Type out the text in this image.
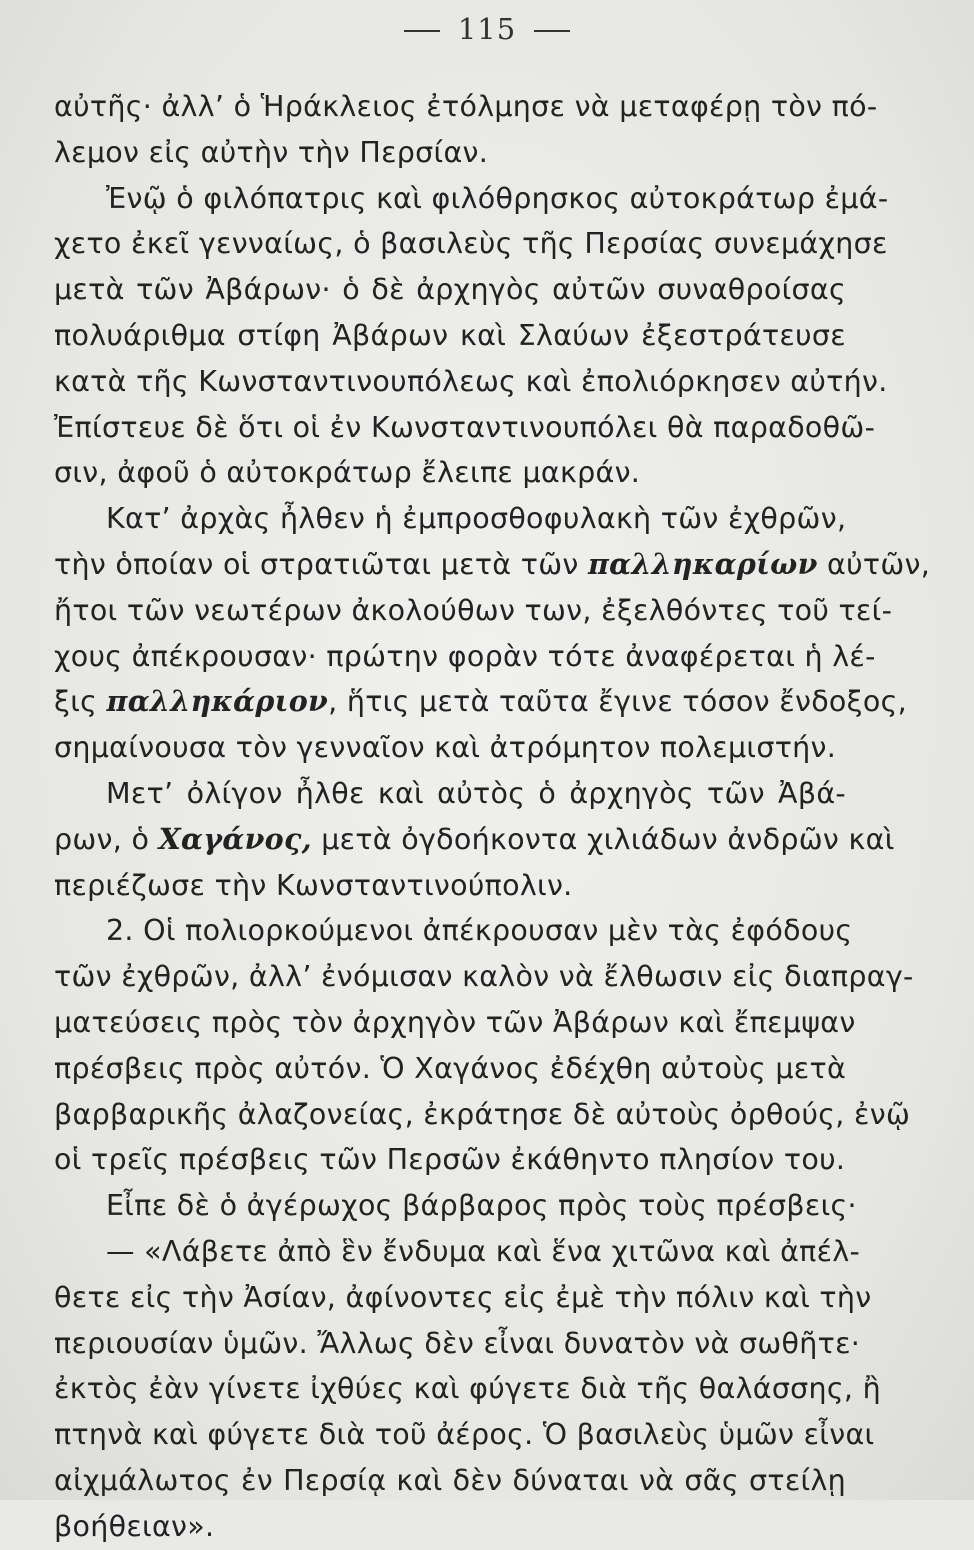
115
αὐτῆς· ἀλλ’ ὁ Ἡράκλειος ἐτόλμησε νὰ μεταφέρῃ τὸν πό-
λεμον εἰς αὐτὴν τὴν Περσίαν.
Ἐνῷ ὁ φιλόπατρις καὶ φιλόθρησκος αὐτοκράτωρ ἐμά-
χετο ἐκεῖ γενναίως, ὁ βασιλεὺς τῆς Περσίας συνεμάχησε
μετὰ τῶν Ἀβάρων· ὁ δὲ ἀρχηγὸς αὐτῶν συναθροίσας
πολυάριθμα στίφη Ἀβάρων καὶ Σλαύων ἐξεστράτευσε
κατὰ τῆς Κωνσταντινουπόλεως καὶ ἐπολιόρκησεν αὐτήν.
Ἐπίστευε δὲ ὅτι οἱ ἐν Κωνσταντινουπόλει θὰ παραδοθῶ-
σιν, ἀφοῦ ὁ αὐτοκράτωρ ἔλειπε μακράν.
Κατ’ ἀρχὰς ἦλθεν ἡ ἐμπροσθοφυλακὴ τῶν ἐχθρῶν,
τὴν ὁποίαν οἱ στρατιῶται μετὰ τῶν παλληκαρίων αὐτῶν,
ἤτοι τῶν νεωτέρων ἀκολούθων των, ἐξελθόντες τοῦ τεί-
χους ἀπέκρουσαν· πρώτην φορὰν τότε ἀναφέρεται ἡ λέ-
ξις παλληκάριον, ἥτις μετὰ ταῦτα ἔγινε τόσον ἔνδοξος,
σημαίνουσα τὸν γενναῖον καὶ ἀτρόμητον πολεμιστήν.
Μετ’ ὀλίγον ἦλθε καὶ αὐτὸς ὁ ἀρχηγὸς τῶν Ἀβά-
ρων, ὁ Χαγάνος, μετὰ ὀγδοήκοντα χιλιάδων ἀνδρῶν καὶ
περιέζωσε τὴν Κωνσταντινούπολιν.
2. Οἱ πολιορκούμενοι ἀπέκρουσαν μὲν τὰς ἐφόδους
τῶν ἐχθρῶν, ἀλλ’ ἐνόμισαν καλὸν νὰ ἔλθωσιν εἰς διαπραγ-
ματεύσεις πρὸς τὸν ἀρχηγὸν τῶν Ἀβάρων καὶ ἔπεμψαν
πρέσβεις πρὸς αὐτόν. Ὁ Χαγάνος ἐδέχθη αὐτοὺς μετὰ
βαρβαρικῆς ἀλαζονείας, ἐκράτησε δὲ αὐτοὺς ὀρθούς, ἐνῷ
οἱ τρεῖς πρέσβεις τῶν Περσῶν ἐκάθηντο πλησίον του.
Εἶπε δὲ ὁ ἀγέρωχος βάρβαρος πρὸς τοὺς πρέσβεις·
— «Λάβετε ἀπὸ ἓν ἔνδυμα καὶ ἕνα χιτῶνα καὶ ἀπέλ-
θετε εἰς τὴν Ἀσίαν, ἀφίνοντες εἰς ἐμὲ τὴν πόλιν καὶ τὴν
περιουσίαν ὑμῶν. Ἄλλως δὲν εἶναι δυνατὸν νὰ σωθῆτε·
ἐκτὸς ἐὰν γίνετε ἰχθύες καὶ φύγετε διὰ τῆς θαλάσσης, ἢ
πτηνὰ καὶ φύγετε διὰ τοῦ ἀέρος. Ὁ βασιλεὺς ὑμῶν εἶναι
αἰχμάλωτος ἐν Περσίᾳ καὶ δὲν δύναται νὰ σᾶς στείλῃ
βοήθειαν».
